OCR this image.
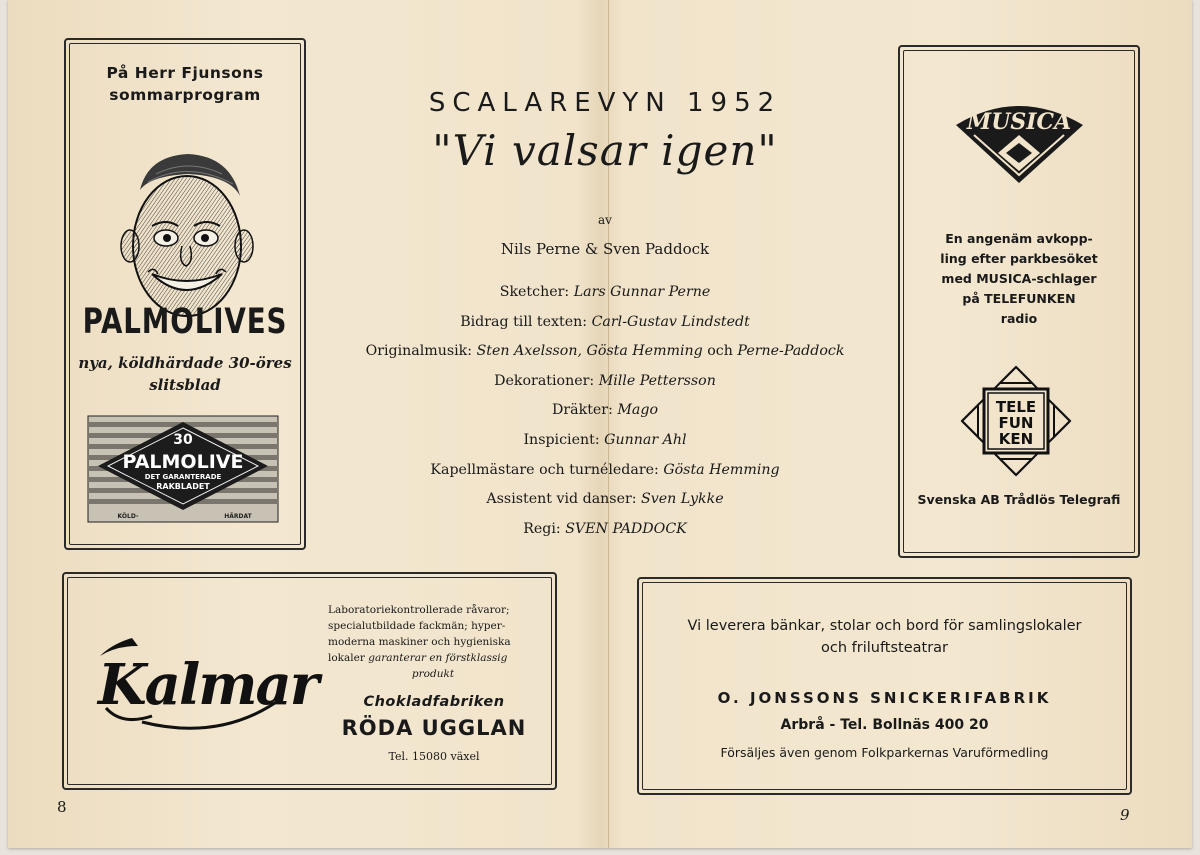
På Herr Fjunsons
sommarprogram
PALMOLIVES
nya, köldhärdade 30-öres
slitsblad
30
PALMOLIVE
DET GARANTERADE
RAKBLADET
KÖLD-	HÄRDAT
SCALAREVYN 1952
"Vi valsar igen"
av
Nils Perne & Sven Paddock
Sketcher: Lars Gunnar Perne
Bidrag till texten: Carl-Gustav Lindstedt
Originalmusik: Sten Axelsson, Gösta Hemming och Perne-Paddock
Dekorationer: Mille Pettersson
Dräkter: Mago
Inspicient: Gunnar Ahl
Kapellmästare och turnéledare: Gösta Hemming
Assistent vid danser: Sven Lykke
Regi: SVEN PADDOCK
MUSICA
En angenäm avkopp-
ling efter parkbesöket
med MUSICA-schlager
på TELEFUNKEN
radio
TELE
FUN
KEN
Svenska AB Trådlös Telegrafi
Kalmar
Laboratoriekontrollerade råvaror;
specialutbildade fackmän; hyper-
moderna maskiner och hygieniska
lokaler garanterar en förstklassig
produkt
Chokladfabriken
RÖDA UGGLAN
Tel. 15080 växel
Vi leverera bänkar, stolar och bord för samlingslokaler
och friluftsteatrar
O. JONSSONS SNICKERIFABRIK
Arbrå - Tel. Bollnäs 400 20
Försäljes även genom Folkparkernas Varuförmedling
8	9
